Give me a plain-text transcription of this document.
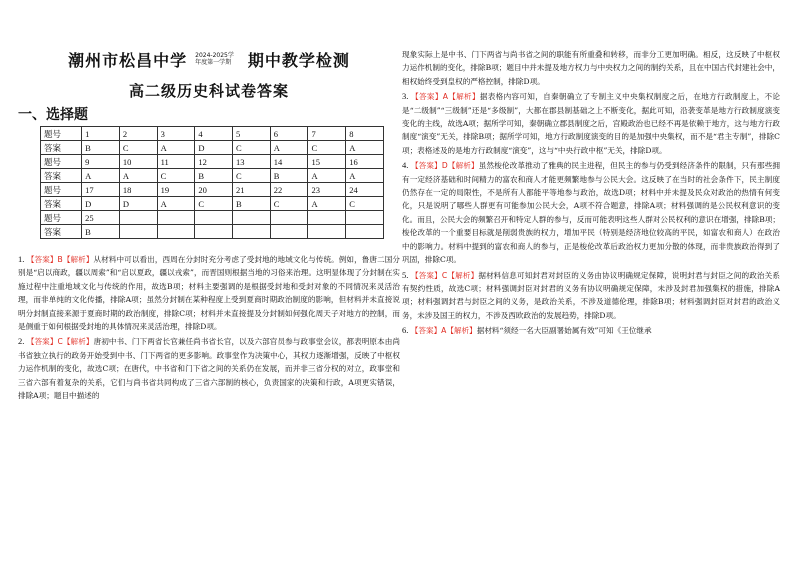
潮州市松昌中学 2024-2025学
年度第一学期 期中教学检测
高二级历史科试卷答案
一、选择题
题号	1	2	3	4	5	6	7	8
答案	B	C	A	D	C	A	C	A
题号	9	10	11	12	13	14	15	16
答案	A	A	C	B	C	B	A	A
题号	17	18	19	20	21	22	23	24
答案	D	D	A	C	B	C	A	C
题号	25							
答案	B							
1. 【答案】B【解析】从材料中可以看出，西周在分封时充分考虑了受封地的地域文化与传统。例如，鲁唐二国分别是“启以商政，疆以周索”和“启以夏政，疆以戎索”，而晋国则根据当地的习俗来治理。这明显体现了分封制在实施过程中注重地域文化与传统的作用，故选B项；材料主要强调的是根据受封地和受封对象的不同情况来灵活治理，而非单纯的文化传播，排除A项；虽然分封制在某种程度上受到夏商时期政治制度的影响，但材料并未直接说明分封制直接来源于夏商时期的政治制度，排除C项；材料并未直接提及分封制如何强化周天子对地方的控制，而是侧重于如何根据受封地的具体情况来灵活治理，排除D项。
2. 【答案】C【解析】唐初中书、门下两省长官兼任尚书省长官，以及六部官员参与政事堂会议，都表明原本由尚书省独立执行的政务开始受到中书、门下两省的更多影响。政事堂作为决策中心，其权力逐渐增强，反映了中枢权力运作机制的变化，故选C项；在唐代，中书省和门下省之间的关系仍在发展，而并非三省分权的对立，政事堂和三省六部有着复杂的关系，它们与尚书省共同构成了三省六部制的核心，负责国家的决策和行政，A项更实错误，排除A项；题目中描述的
现象实际上是中书、门下两省与尚书省之间的职能有所重叠和转移，而非分工更加明确。相反，这反映了中枢权力运作机制的变化，排除B项；题目中并未提及地方权力与中央权力之间的制约关系，且在中国古代封建社会中，相权始终受到皇权的严格控制，排除D项。
3. 【答案】A【解析】据表格内容可知，自秦朝确立了专制主义中央集权制度之后，在地方行政制度上，不论是“二级制”“三级制”还是“多级制”，大都在郡县制基础之上不断变化，据此可知，沿袭变革是地方行政制度演变变化的主线，故选A项；据所学可知，秦朝确立郡县制度之后，宫殿政治也已经不再是依赖于地方，这与地方行政制度“演变”无关，排除B项；据所学可知，地方行政制度演变的目的是加强中央集权，而不是“君主专制”，排除C项；表格述及的是地方行政制度“演变”，这与“中央行政中枢”无关，排除D项。
4. 【答案】D【解析】虽然梭伦改革推动了雅典的民主进程，但民主的参与仍受到经济条件的限制，只有那些拥有一定经济基础和时间精力的富农和商人才能更频繁地参与公民大会。这反映了在当时的社会条件下，民主制度仍然存在一定的局限性，不是所有人都能平等地参与政治，故选D项；材料中并未提及民众对政治的热情有何变化，只是说明了哪些人群更有可能参加公民大会，A项不符合题意，排除A项；材料强调的是公民权利意识的变化。而且，公民大会的频繁召开和特定人群的参与，反而可能表明这些人群对公民权利的意识在增强，排除B项；梭伦改革的一个重要目标就是削弱贵族的权力，增加平民（特别是经济地位较高的平民，如富农和商人）在政治中的影响力。材料中提到的富农和商人的参与，正是梭伦改革后政治权力更加分散的体现，而非贵族政治得到了巩固，排除C项。
5. 【答案】C【解析】据材料信息可知封君对封臣的义务由协议明确规定保障，说明封君与封臣之间的政治关系有契约性质，故选C项；材料强调封臣对封君的义务有协议明确规定保障，未涉及封君加强集权的措施，排除A项；材料强调封君与封臣之间的义务，是政治关系，不涉及道德伦理，排除B项；材料强调封臣对封君的政治义务，未涉及国王的权力，不涉及西欧政治的发展趋势，排除D项。
6. 【答案】A【解析】据材料“须经一名大臣副署始属有效”可知《王位继承
